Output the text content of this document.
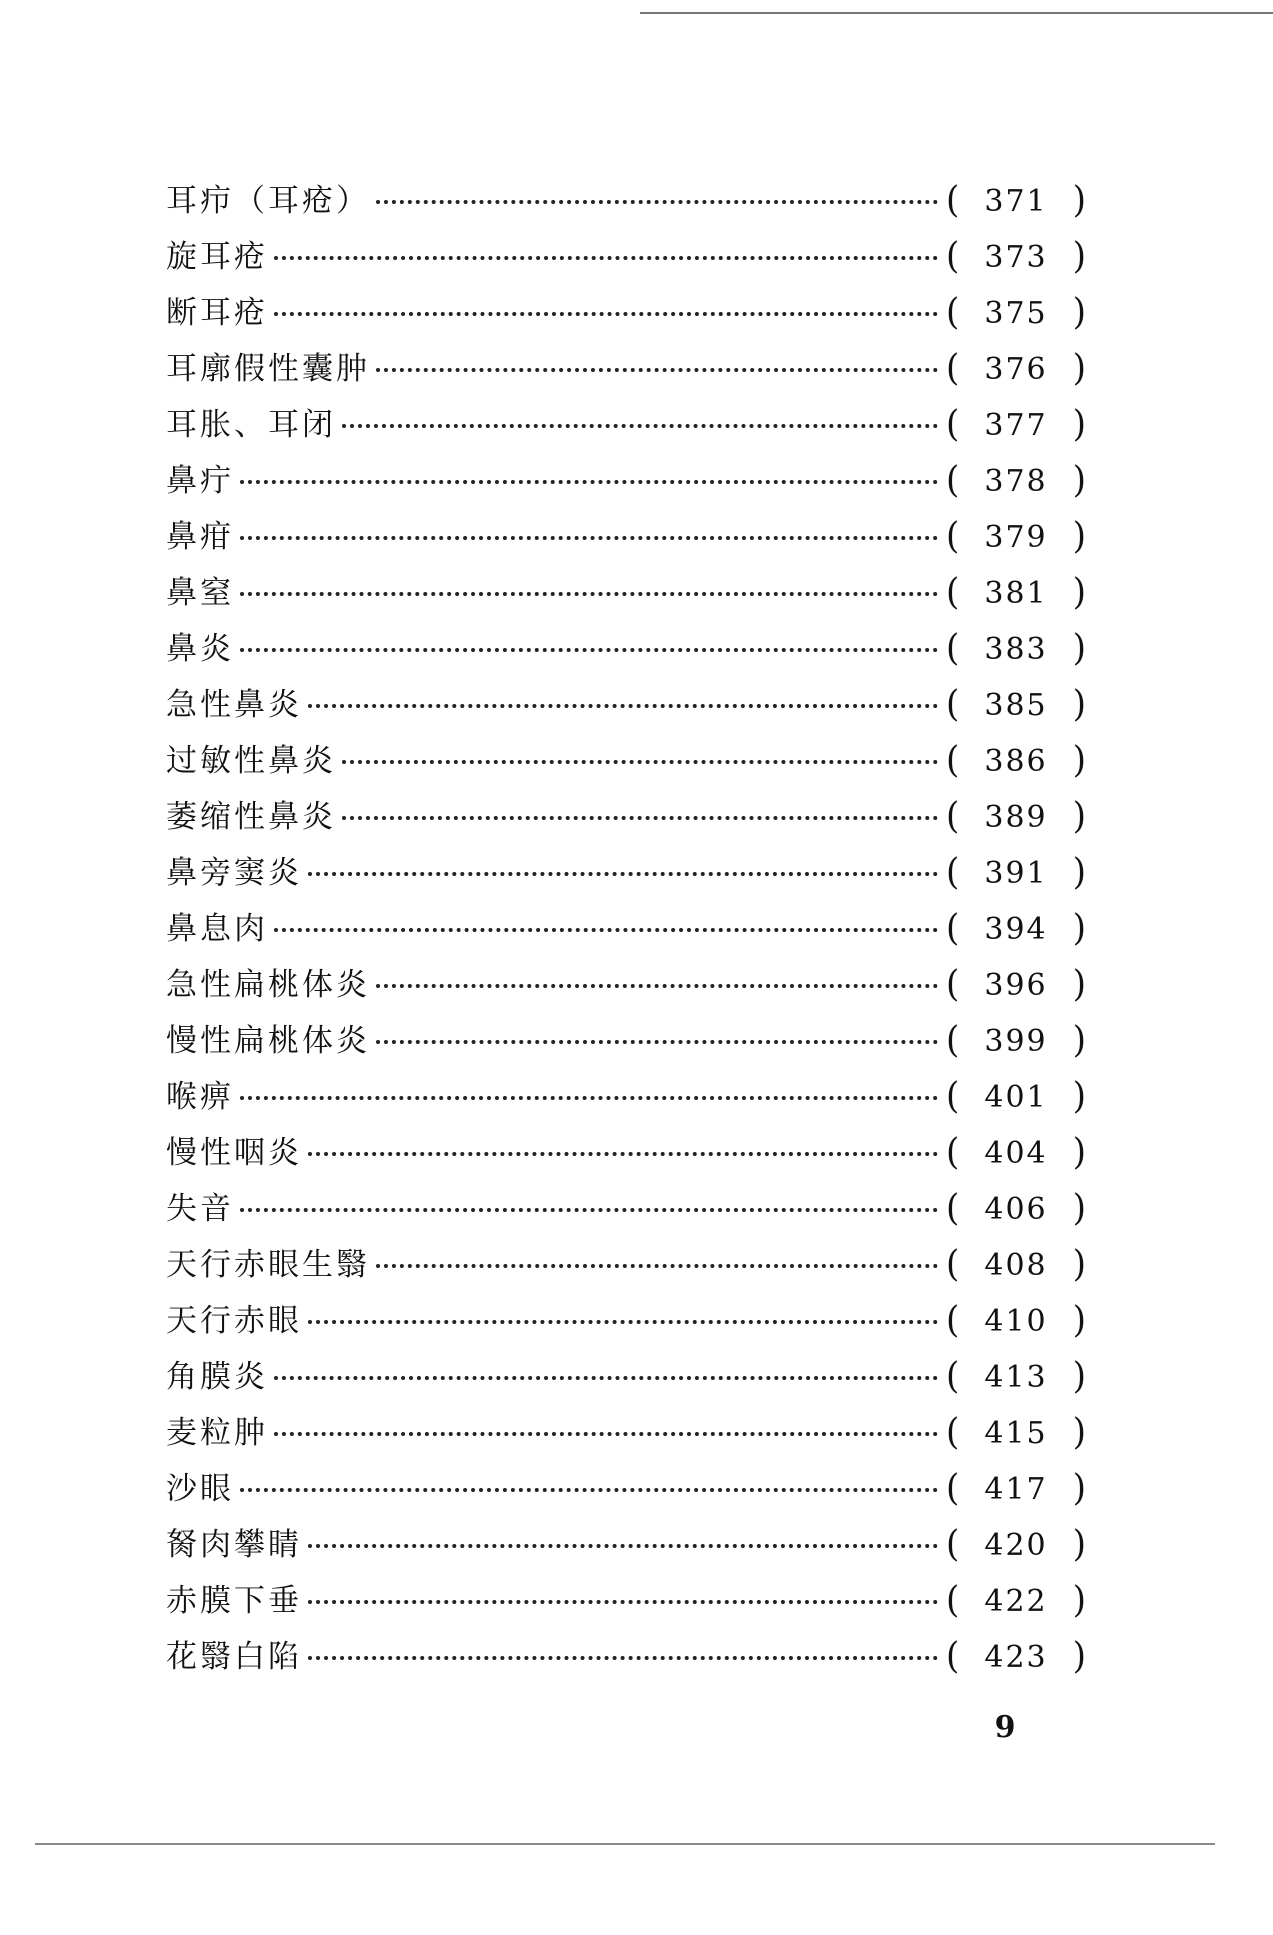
耳疖（耳疮）	( 371 )
旋耳疮	( 373 )
断耳疮	( 375 )
耳廓假性囊肿	( 376 )
耳胀、耳闭	( 377 )
鼻疔	( 378 )
鼻疳	( 379 )
鼻窒	( 381 )
鼻炎	( 383 )
急性鼻炎	( 385 )
过敏性鼻炎	( 386 )
萎缩性鼻炎	( 389 )
鼻旁窦炎	( 391 )
鼻息肉	( 394 )
急性扁桃体炎	( 396 )
慢性扁桃体炎	( 399 )
喉痹	( 401 )
慢性咽炎	( 404 )
失音	( 406 )
天行赤眼生翳	( 408 )
天行赤眼	( 410 )
角膜炎	( 413 )
麦粒肿	( 415 )
沙眼	( 417 )
胬肉攀睛	( 420 )
赤膜下垂	( 422 )
花翳白陷	( 423 )
9
